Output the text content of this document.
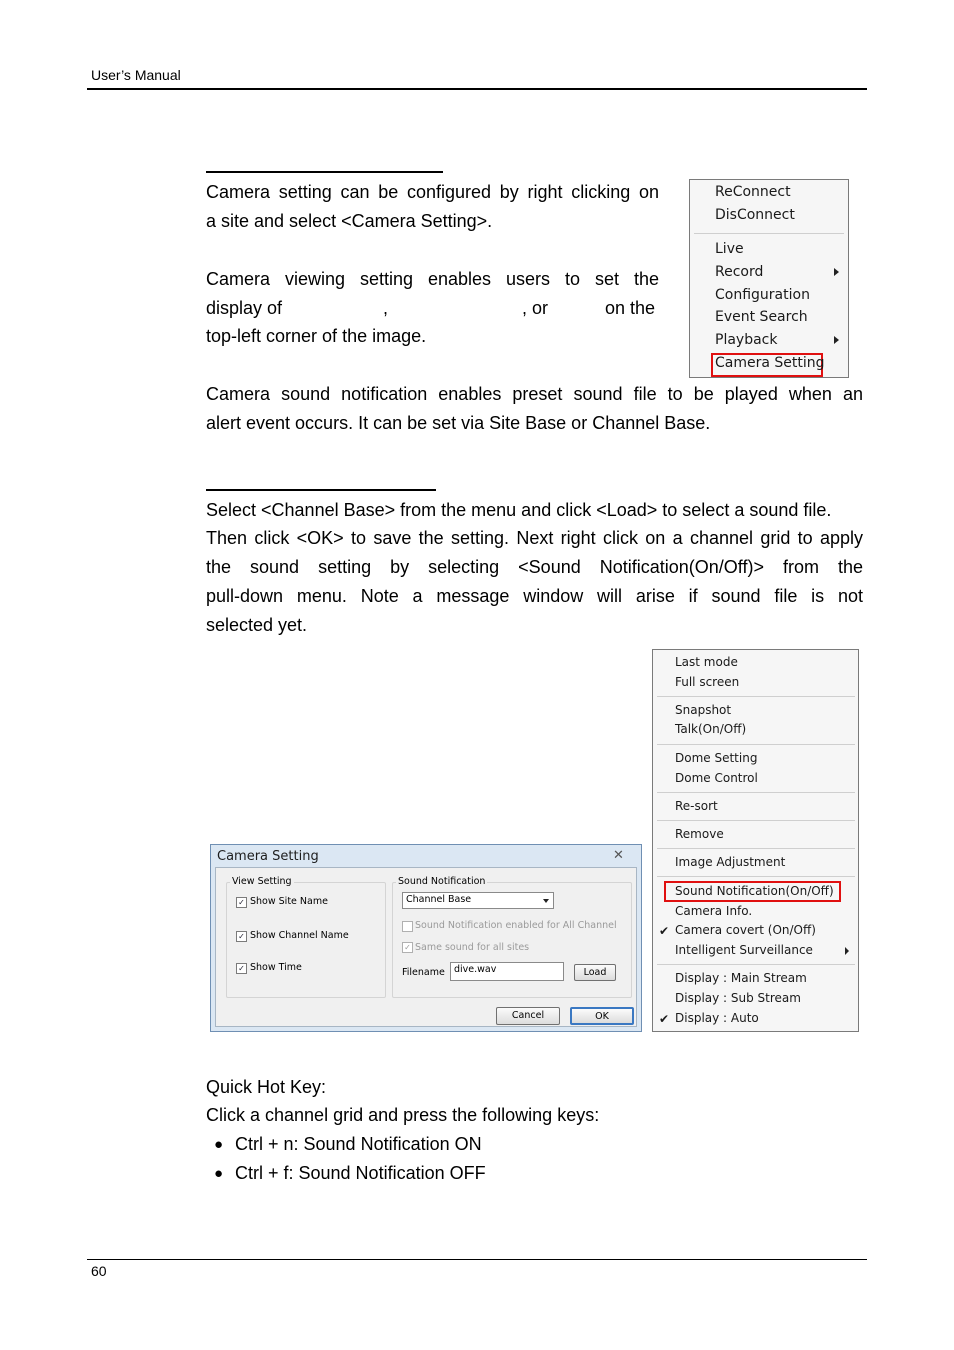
User’s Manual
60
Camera setting can be configured by right clicking on
a site and select <Camera Setting>.
Camera viewing setting enables users to set the
display of	,	, or	on the
top-left corner of the image.
Camera sound notification enables preset sound file to be played when an
alert event occurs. It can be set via Site Base or Channel Base.
ReConnect
DisConnect
Live
Record
Configuration
Event Search
Playback
Camera Setting
Select <Channel Base> from the menu and click <Load> to select a sound file.
Then click <OK> to save the setting. Next right click on a channel grid to apply
the sound setting by selecting <Sound Notification(On/Off)> from the
pull-down menu. Note a message window will arise if sound file is not
selected yet.
Camera Setting	✕
View Setting
✓ Show Site Name
✓ Show Channel Name
✓ Show Time
Sound Notification
Channel Base
Sound Notification enabled for All Channel
✓ Same sound for all sites
Filename dive.wav	Load
Cancel	OK
Last mode
Full screen
Snapshot
Talk(On/Off)
Dome Setting
Dome Control
Re-sort
Remove
Image Adjustment
Sound Notification(On/Off)
Camera Info.
✔ Camera covert (On/Off)
Intelligent Surveillance
Display : Main Stream
Display : Sub Stream
✔ Display : Auto
Quick Hot Key:
Click a channel grid and press the following keys:
● Ctrl + n: Sound Notification ON
● Ctrl + f: Sound Notification OFF
